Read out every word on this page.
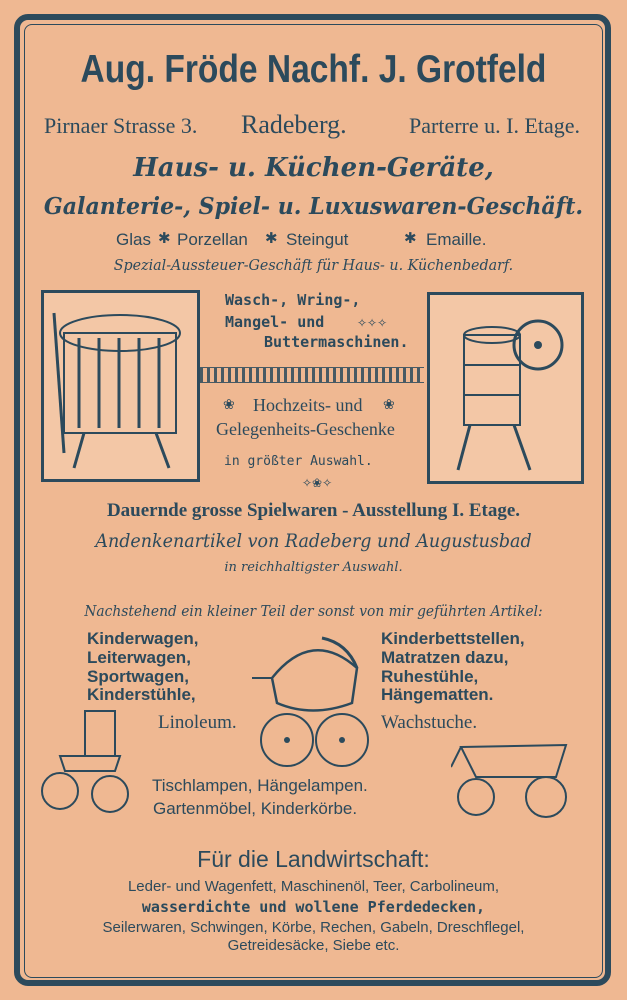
Aug. Fröde Nachf. J. Grotfeld
Pirnaer Strasse 3. Radeberg.	Parterre u. I. Etage.
Haus- u. Küchen-Geräte,
Galanterie-, Spiel- u. Luxuswaren-Geschäft.
Glas ✱ Porzellan ✱ Steingut	✱ Emaille.
Spezial-Aussteuer-Geschäft für Haus- u. Küchenbedarf.
Wasch-, Wring-,
Mangel- und	✧✧✧
Buttermaschinen.
❀ Hochzeits- und ❀
Gelegenheits-Geschenke
in größter Auswahl.
✧❀✧
Dauernde grosse Spielwaren - Ausstellung I. Etage.
Andenkenartikel von Radeberg und Augustusbad
in reichhaltigster Auswahl.
Nachstehend ein kleiner Teil der sonst von mir geführten Artikel:
Kinderwagen,
Leiterwagen,
Sportwagen,
Kinderstühle,
Kinderbettstellen,
Matratzen dazu,
Ruhestühle,
Hängematten.
Linoleum.	Wachstuche.
Tischlampen, Hängelampen.
Gartenmöbel, Kinderkörbe.
Für die Landwirtschaft:
Leder- und Wagenfett, Maschinenöl, Teer, Carbolineum,
wasserdichte und wollene Pferdedecken,
Seilerwaren, Schwingen, Körbe, Rechen, Gabeln, Dreschflegel,
Getreidesäcke, Siebe etc.
